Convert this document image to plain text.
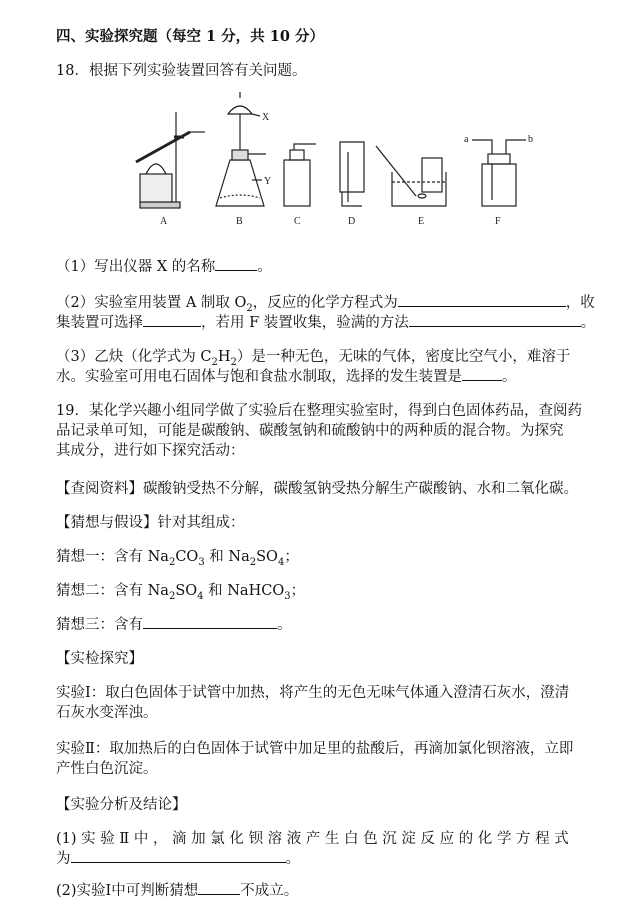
四、实验探究题（每空 1 分，共 10 分）
18．根据下列实验装置回答有关问题。
A	B	C	D	E	F
X
Y
a	b
（1）写出仪器 X 的名称	。
（2）实验室用装置 A 制取 $O_2$，反应的化学方程式为	，收
集装置可选择	，若用 F 装置收集，验满的方法	。
（3）乙炔（化学式为 $C_2H_2$）是一种无色，无味的气体，密度比空气小，难溶于
水。实验室可用电石固体与饱和食盐水制取，选择的发生装置是	。
19．某化学兴趣小组同学做了实验后在整理实验室时，得到白色固体药品，查阅药
品记录单可知，可能是碳酸钠、碳酸氢钠和硫酸钠中的两种质的混合物。为探究
其成分，进行如下探究活动：
【查阅资料】碳酸钠受热不分解，碳酸氢钠受热分解生产碳酸钠、水和二氧化碳。
【猜想与假设】针对其组成：
猜想一：含有 $Na_2CO_3$ 和 $Na_2SO_4$；
猜想二：含有 $Na_2SO_4$ 和 NaHCO$_3$；
猜想三：含有	。
【实检探究】
实验Ⅰ：取白色固体于试管中加热，将产生的无色无味气体通入澄清石灰水，澄清
石灰水变浑浊。
实验Ⅱ：取加热后的白色固体于试管中加足里的盐酸后，再滴加氯化钡溶液，立即
产性白色沉淀。
【实验分析及结论】
(1) 实 验 Ⅱ 中 ， 滴 加 氯 化 钡 溶 液 产 生 白 色 沉 淀 反 应 的 化 学 方 程 式
为	。
(2)实验Ⅰ中可判断猜想	不成立。
